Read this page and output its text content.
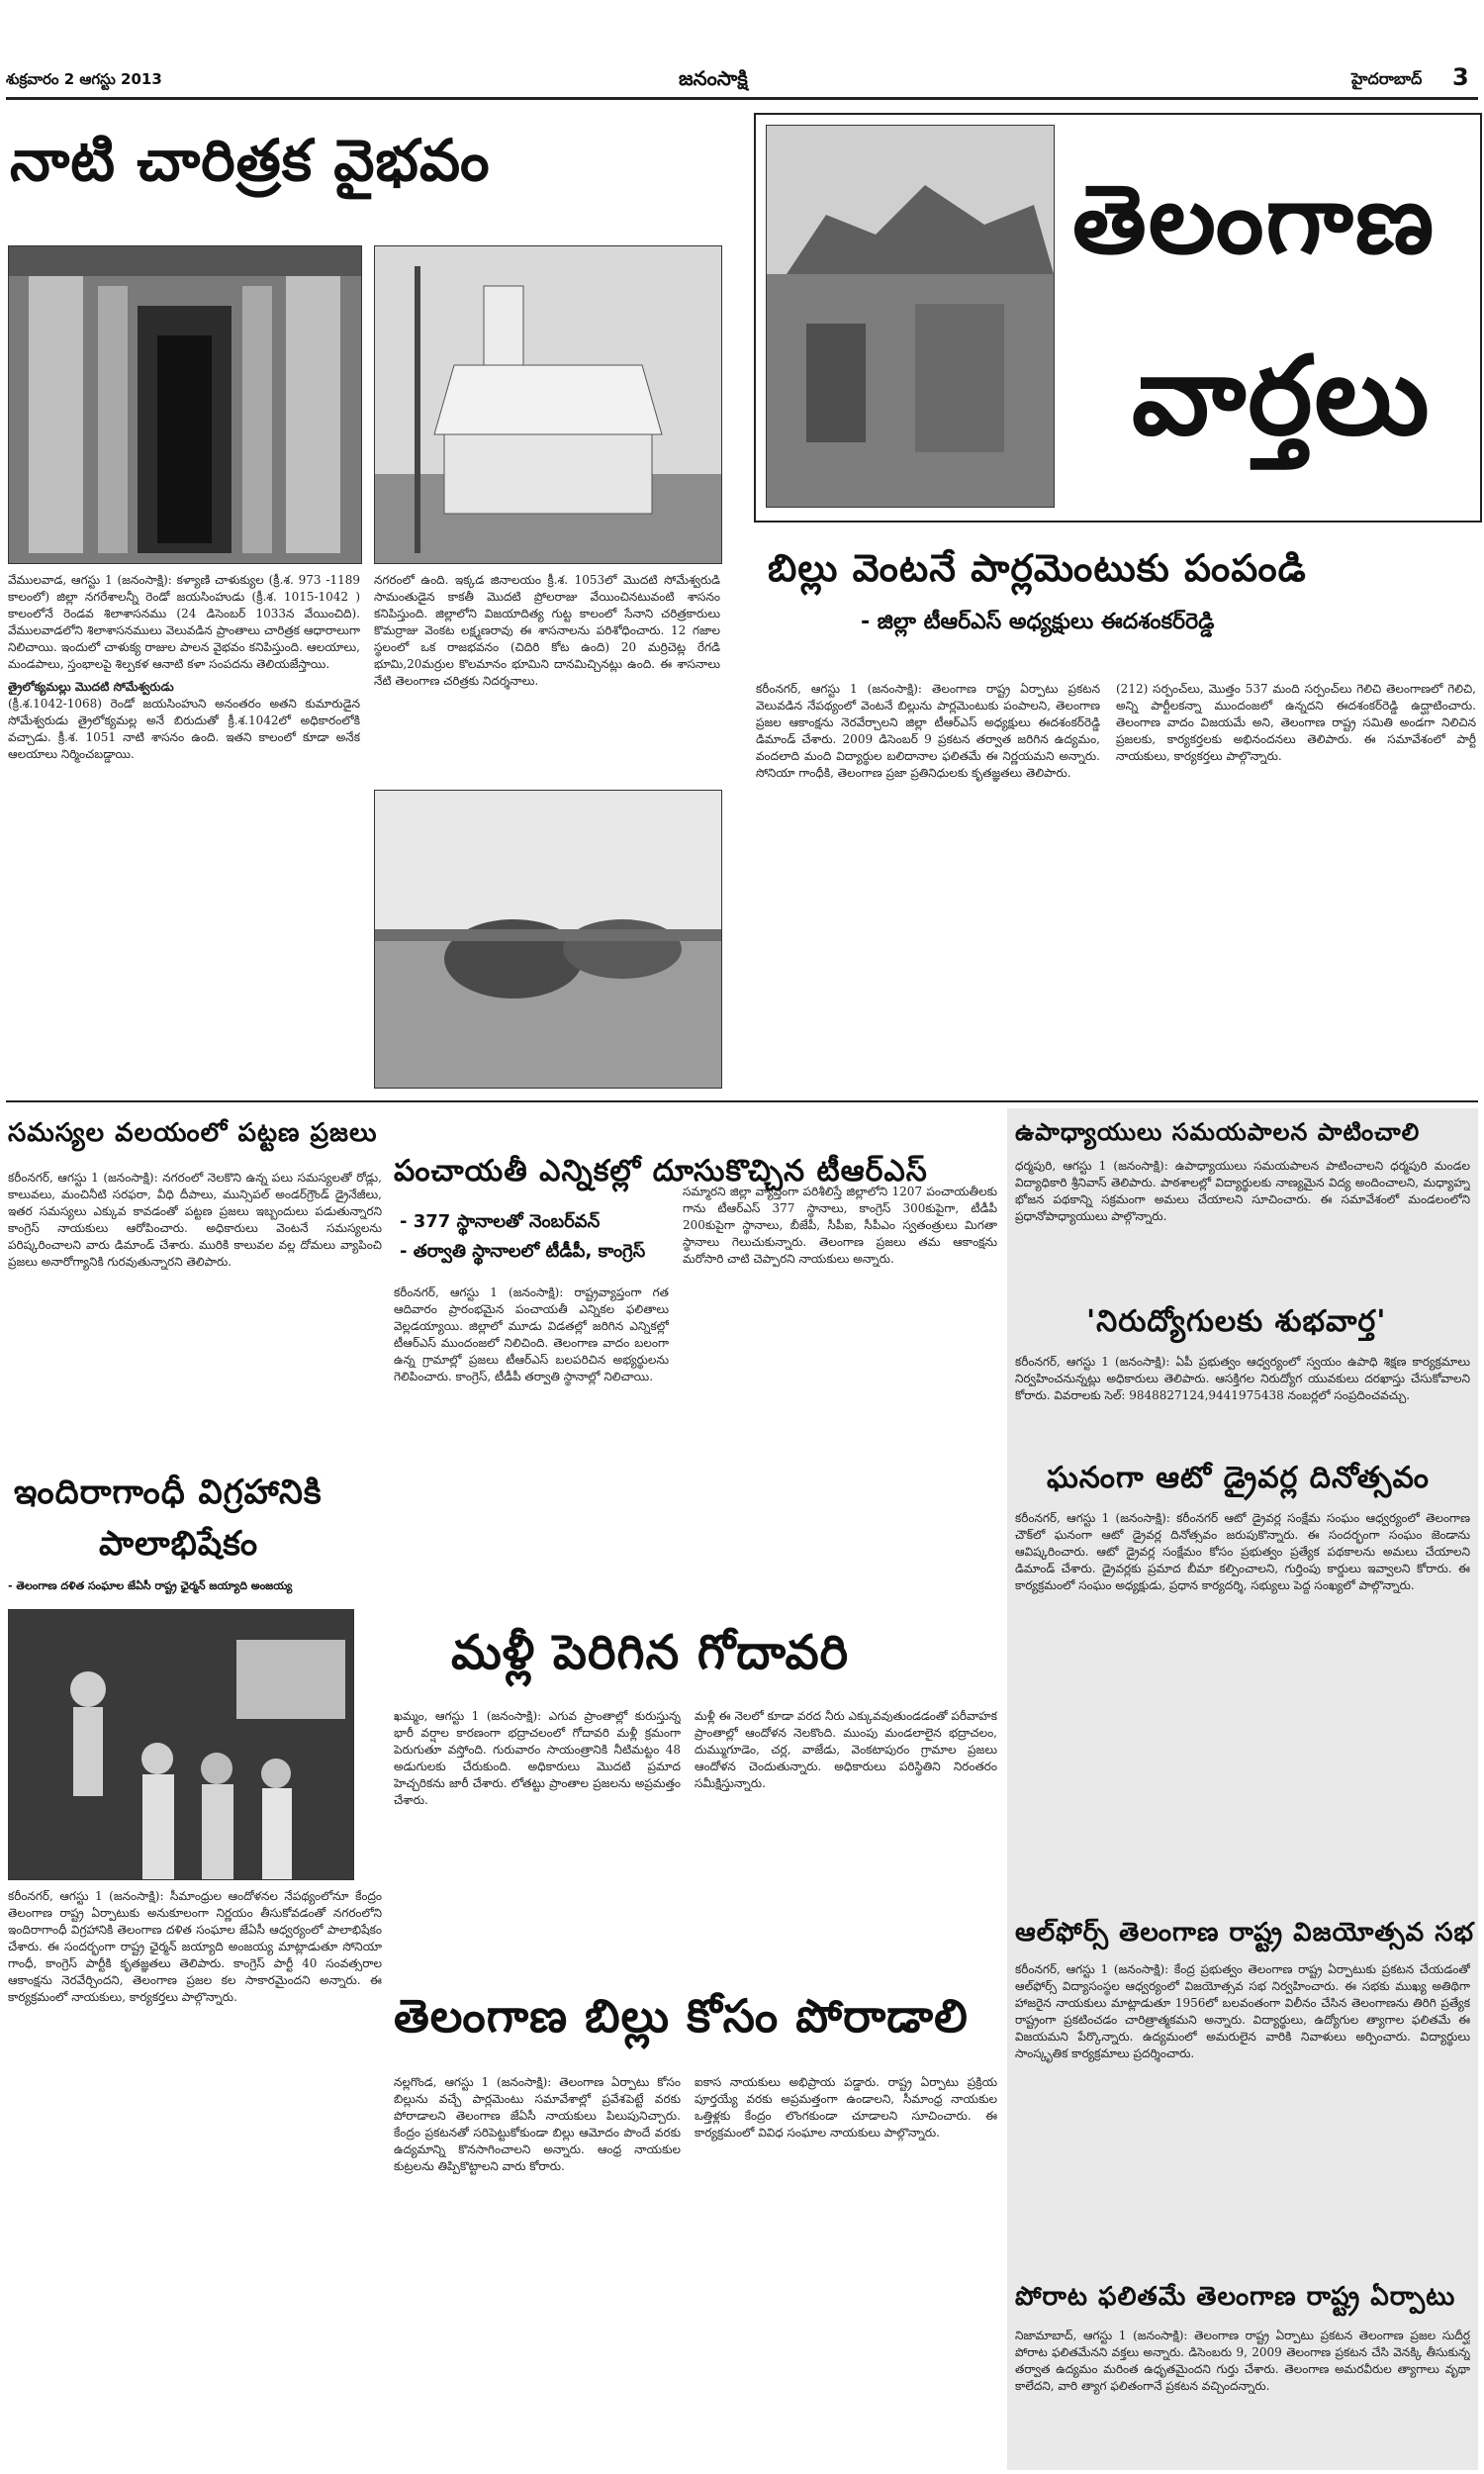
శుక్రవారం 2 ఆగస్టు 2013	జనంసాక్షి	హైదరాబాద్ 3
నాటి చారిత్రక వైభవం
వేములవాడ, ఆగస్టు 1 (జనంసాక్షి): కళ్యాణి చాళుక్యుల (క్రీ.శ. 973 -1189 కాలంలో) జిల్లా నగరేశాలన్నీ రెండో జయసింహుడు (క్రీ.శ. 1015-1042 ) కాలంలోనే రెండవ శిలాశాసనము (24 డిసెంబర్ 1033న వేయించిది). వేములవాడలోని శిలాశాసనములు వెలువడిన ప్రాంతాలు చారిత్రక ఆధారాలుగా నిలిచాయి. ఇందులో చాళుక్య రాజుల పాలన వైభవం కనిపిస్తుంది. ఆలయాలు, మండపాలు, స్తంభాలపై శిల్పకళ ఆనాటి కళా సంపదను తెలియజేస్తాయి.
త్రైలోక్యమల్లు మొదటి సోమేశ్వరుడు
(క్రీ.శ.1042-1068) రెండో జయసింహుని అనంతరం అతని కుమారుడైన సోమేశ్వరుడు త్రైలోక్యమల్ల అనే బిరుదుతో క్రీ.శ.1042లో అధికారంలోకి వచ్చాడు. క్రీ.శ. 1051 నాటి శాసనం ఉంది. ఇతని కాలంలో కూడా అనేక ఆలయాలు నిర్మించబడ్డాయి.
నగరంలో ఉంది. ఇక్కడ జినాలయం క్రీ.శ. 1053లో మొదటి సోమేశ్వరుడి సామంతుడైన కాకతీ మొదటి ప్రోలరాజు వేయించినటువంటి శాసనం కనిపిస్తుంది. జిల్లాలోని విజయాదిత్య గుట్ట కాలంలో సేనాని చరిత్రకారులు కొమర్రాజు వెంకట లక్ష్మణరావు ఈ శాసనాలను పరిశోధించారు. 12 గజాల స్థలంలో ఒక రాజభవనం (చిదిరి కోట ఉంది) 20 మర్రిచెట్ల రేగడి భూమి,20మర్రుల కొలమానం భూమిని దానమిచ్చినట్లు ఉంది. ఈ శాసనాలు నేటి తెలంగాణ చరిత్రకు నిదర్శనాలు.
తెలంగాణ
వార్తలు
బిల్లు వెంటనే పార్లమెంటుకు పంపండి
- జిల్లా టీఆర్‌ఎస్‌ అధ్యక్షులు ఈదశంకర్‌రెడ్డి
కరీంనగర్, ఆగస్టు 1 (జనంసాక్షి): తెలంగాణ రాష్ట్ర ఏర్పాటు ప్రకటన వెలువడిన నేపథ్యంలో వెంటనే బిల్లును పార్లమెంటుకు పంపాలని, తెలంగాణ ప్రజల ఆకాంక్షను నెరవేర్చాలని జిల్లా టీఆర్‌ఎస్‌ అధ్యక్షులు ఈదశంకర్‌రెడ్డి డిమాండ్‌ చేశారు. 2009 డిసెంబర్‌ 9 ప్రకటన తర్వాత జరిగిన ఉద్యమం, వందలాది మంది విద్యార్థుల బలిదానాల ఫలితమే ఈ నిర్ణయమని అన్నారు. సోనియా గాంధీకి, తెలంగాణ ప్రజా ప్రతినిధులకు కృతజ్ఞతలు తెలిపారు.
(212) సర్పంచ్‌లు, మొత్తం 537 మంది సర్పంచ్‌లు గెలిచి తెలంగాణలో గెలిచి, అన్ని పార్టీలకన్నా ముందంజలో ఉన్నదని ఈదశంకర్‌రెడ్డి ఉద్ఘాటించారు. తెలంగాణ వాదం విజయమే అని, తెలంగాణ రాష్ట్ర సమితి అండగా నిలిచిన ప్రజలకు, కార్యకర్తలకు అభినందనలు తెలిపారు. ఈ సమావేశంలో పార్టీ నాయకులు, కార్యకర్తలు పాల్గొన్నారు.
సమస్యల వలయంలో పట్టణ ప్రజలు
కరీంనగర్, ఆగస్టు 1 (జనంసాక్షి): నగరంలో నెలకొని ఉన్న పలు సమస్యలతో రోడ్లు, కాలువలు, మంచినీటి సరఫరా, వీధి దీపాలు, మున్సిపల్‌ అండర్‌గ్రౌండ్‌ డ్రైనేజీలు, ఇతర సమస్యలు ఎక్కువ కావడంతో పట్టణ ప్రజలు ఇబ్బందులు పడుతున్నారని కాంగ్రెస్‌ నాయకులు ఆరోపించారు. అధికారులు వెంటనే సమస్యలను పరిష్కరించాలని వారు డిమాండ్‌ చేశారు. మురికి కాలువల వల్ల దోమలు వ్యాపించి ప్రజలు అనారోగ్యానికి గురవుతున్నారని తెలిపారు.
ఇందిరాగాంధీ విగ్రహానికి
పాలాభిషేకం
- తెలంగాణ దళిత సంఘాల జేఏసీ రాష్ట్ర ఛైర్మన్‌ జయ్యాది అంజయ్య
కరీంనగర్, ఆగస్టు 1 (జనంసాక్షి): సీమాంధ్రుల ఆందోళనల నేపథ్యంలోనూ కేంద్రం తెలంగాణ రాష్ట్ర ఏర్పాటుకు అనుకూలంగా నిర్ణయం తీసుకోవడంతో నగరంలోని ఇందిరాగాంధీ విగ్రహానికి తెలంగాణ దళిత సంఘాల జేఏసీ ఆధ్వర్యంలో పాలాభిషేకం చేశారు. ఈ సందర్భంగా రాష్ట్ర ఛైర్మన్‌ జయ్యాది అంజయ్య మాట్లాడుతూ సోనియా గాంధీ, కాంగ్రెస్‌ పార్టీకి కృతజ్ఞతలు తెలిపారు. కాంగ్రెస్‌ పార్టీ 40 సంవత్సరాల ఆకాంక్షను నెరవేర్చిందని, తెలంగాణ ప్రజల కల సాకారమైందని అన్నారు. ఈ కార్యక్రమంలో నాయకులు, కార్యకర్తలు పాల్గొన్నారు.
పంచాయతీ ఎన్నికల్లో దూసుకొచ్చిన టీఆర్‌ఎస్‌
- 377 స్థానాలతో నెంబర్‌వన్‌
- తర్వాతి స్థానాలలో టీడీపీ, కాంగ్రెస్‌
కరీంనగర్, ఆగస్టు 1 (జనంసాక్షి): రాష్ట్రవ్యాప్తంగా గత ఆదివారం ప్రారంభమైన పంచాయతీ ఎన్నికల ఫలితాలు వెల్లడయ్యాయి. జిల్లాలో మూడు విడతల్లో జరిగిన ఎన్నికల్లో టీఆర్‌ఎస్‌ ముందంజలో నిలిచింది. తెలంగాణ వాదం బలంగా ఉన్న గ్రామాల్లో ప్రజలు టీఆర్‌ఎస్‌ బలపరిచిన అభ్యర్థులను గెలిపించారు. కాంగ్రెస్‌, టీడీపీ తర్వాతి స్థానాల్లో నిలిచాయి.
సమ్మారని జిల్లా వ్యాప్తంగా పరిశీలిస్తే జిల్లాలోని 1207 పంచాయతీలకు గాను టీఆర్‌ఎస్‌ 377 స్థానాలు, కాంగ్రెస్‌ 300కుపైగా, టీడీపీ 200కుపైగా స్థానాలు, బీజేపీ, సీపీఐ, సీపీఎం స్వతంత్రులు మిగతా స్థానాలు గెలుచుకున్నారు. తెలంగాణ ప్రజలు తమ ఆకాంక్షను మరోసారి చాటి చెప్పారని నాయకులు అన్నారు.
మళ్లీ పెరిగిన గోదావరి
ఖమ్మం, ఆగస్టు 1 (జనంసాక్షి): ఎగువ ప్రాంతాల్లో కురుస్తున్న భారీ వర్షాల కారణంగా భద్రాచలంలో గోదావరి మళ్లీ క్రమంగా పెరుగుతూ వస్తోంది. గురువారం సాయంత్రానికి నీటిమట్టం 48 అడుగులకు చేరుకుంది. అధికారులు మొదటి ప్రమాద హెచ్చరికను జారీ చేశారు. లోతట్టు ప్రాంతాల ప్రజలను అప్రమత్తం చేశారు.
మళ్లీ ఈ నెలలో కూడా వరద నీరు ఎక్కువవుతుండడంతో పరీవాహక ప్రాంతాల్లో ఆందోళన నెలకొంది. ముంపు మండలాలైన భద్రాచలం, దుమ్ముగూడెం, చర్ల, వాజేడు, వెంకటాపురం గ్రామాల ప్రజలు ఆందోళన చెందుతున్నారు. అధికారులు పరిస్థితిని నిరంతరం సమీక్షిస్తున్నారు.
తెలంగాణ బిల్లు కోసం పోరాడాలి
నల్లగొండ, ఆగస్టు 1 (జనంసాక్షి): తెలంగాణ ఏర్పాటు కోసం బిల్లును వచ్చే పార్లమెంటు సమావేశాల్లో ప్రవేశపెట్టే వరకు పోరాడాలని తెలంగాణ జేఏసీ నాయకులు పిలుపునిచ్చారు. కేంద్రం ప్రకటనతో సరిపెట్టుకోకుండా బిల్లు ఆమోదం పొందే వరకు ఉద్యమాన్ని కొనసాగించాలని అన్నారు. ఆంధ్ర నాయకుల కుట్రలను తిప్పికొట్టాలని వారు కోరారు.
ఐకాస నాయకులు అభిప్రాయ పడ్డారు. రాష్ట్ర ఏర్పాటు ప్రక్రియ పూర్తయ్యే వరకు అప్రమత్తంగా ఉండాలని, సీమాంధ్ర నాయకుల ఒత్తిళ్లకు కేంద్రం లొంగకుండా చూడాలని సూచించారు. ఈ కార్యక్రమంలో వివిధ సంఘాల నాయకులు పాల్గొన్నారు.
ఉపాధ్యాయులు సమయపాలన పాటించాలి
ధర్మపురి, ఆగస్టు 1 (జనంసాక్షి): ఉపాధ్యాయులు సమయపాలన పాటించాలని ధర్మపురి మండల విద్యాధికారి శ్రీనివాస్‌ తెలిపారు. పాఠశాలల్లో విద్యార్థులకు నాణ్యమైన విద్య అందించాలని, మధ్యాహ్న భోజన పథకాన్ని సక్రమంగా అమలు చేయాలని సూచించారు. ఈ సమావేశంలో మండలంలోని ప్రధానోపాధ్యాయులు పాల్గొన్నారు.
'నిరుద్యోగులకు శుభవార్త'
కరీంనగర్, ఆగస్టు 1 (జనంసాక్షి): ఏపీ ప్రభుత్వం ఆధ్వర్యంలో స్వయం ఉపాధి శిక్షణ కార్యక్రమాలు నిర్వహించనున్నట్లు అధికారులు తెలిపారు. ఆసక్తిగల నిరుద్యోగ యువకులు దరఖాస్తు చేసుకోవాలని కోరారు. వివరాలకు సెల్‌: 9848827124,9441975438 నంబర్లలో సంప్రదించవచ్చు.
ఘనంగా ఆటో డ్రైవర్ల దినోత్సవం
కరీంనగర్, ఆగస్టు 1 (జనంసాక్షి): కరీంనగర్‌ ఆటో డ్రైవర్ల సంక్షేమ సంఘం ఆధ్వర్యంలో తెలంగాణ చౌక్‌లో ఘనంగా ఆటో డ్రైవర్ల దినోత్సవం జరుపుకొన్నారు. ఈ సందర్భంగా సంఘం జెండాను ఆవిష్కరించారు. ఆటో డ్రైవర్ల సంక్షేమం కోసం ప్రభుత్వం ప్రత్యేక పథకాలను అమలు చేయాలని డిమాండ్‌ చేశారు. డ్రైవర్లకు ప్రమాద బీమా కల్పించాలని, గుర్తింపు కార్డులు ఇవ్వాలని కోరారు. ఈ కార్యక్రమంలో సంఘం అధ్యక్షుడు, ప్రధాన కార్యదర్శి, సభ్యులు పెద్ద సంఖ్యలో పాల్గొన్నారు.
ఆల్‌ఫోర్స్‌ తెలంగాణ రాష్ట్ర విజయోత్సవ సభ
కరీంనగర్, ఆగస్టు 1 (జనంసాక్షి): కేంద్ర ప్రభుత్వం తెలంగాణ రాష్ట్ర ఏర్పాటుకు ప్రకటన చేయడంతో ఆల్‌ఫోర్స్‌ విద్యాసంస్థల ఆధ్వర్యంలో విజయోత్సవ సభ నిర్వహించారు. ఈ సభకు ముఖ్య అతిథిగా హాజరైన నాయకులు మాట్లాడుతూ 1956లో బలవంతంగా విలీనం చేసిన తెలంగాణను తిరిగి ప్రత్యేక రాష్ట్రంగా ప్రకటించడం చారిత్రాత్మకమని అన్నారు. విద్యార్థులు, ఉద్యోగుల త్యాగాల ఫలితమే ఈ విజయమని పేర్కొన్నారు. ఉద్యమంలో అమరులైన వారికి నివాళులు అర్పించారు. విద్యార్థులు సాంస్కృతిక కార్యక్రమాలు ప్రదర్శించారు.
పోరాట ఫలితమే తెలంగాణ రాష్ట్ర ఏర్పాటు
నిజామాబాద్, ఆగస్టు 1 (జనంసాక్షి): తెలంగాణ రాష్ట్ర ఏర్పాటు ప్రకటన తెలంగాణ ప్రజల సుదీర్ఘ పోరాట ఫలితమేనని వక్తలు అన్నారు. డిసెంబరు 9, 2009 తెలంగాణ ప్రకటన చేసి వెనక్కి తీసుకున్న తర్వాత ఉద్యమం మరింత ఉధృతమైందని గుర్తు చేశారు. తెలంగాణ అమరవీరుల త్యాగాలు వృథా కాలేదని, వారి త్యాగ ఫలితంగానే ప్రకటన వచ్చిందన్నారు.
